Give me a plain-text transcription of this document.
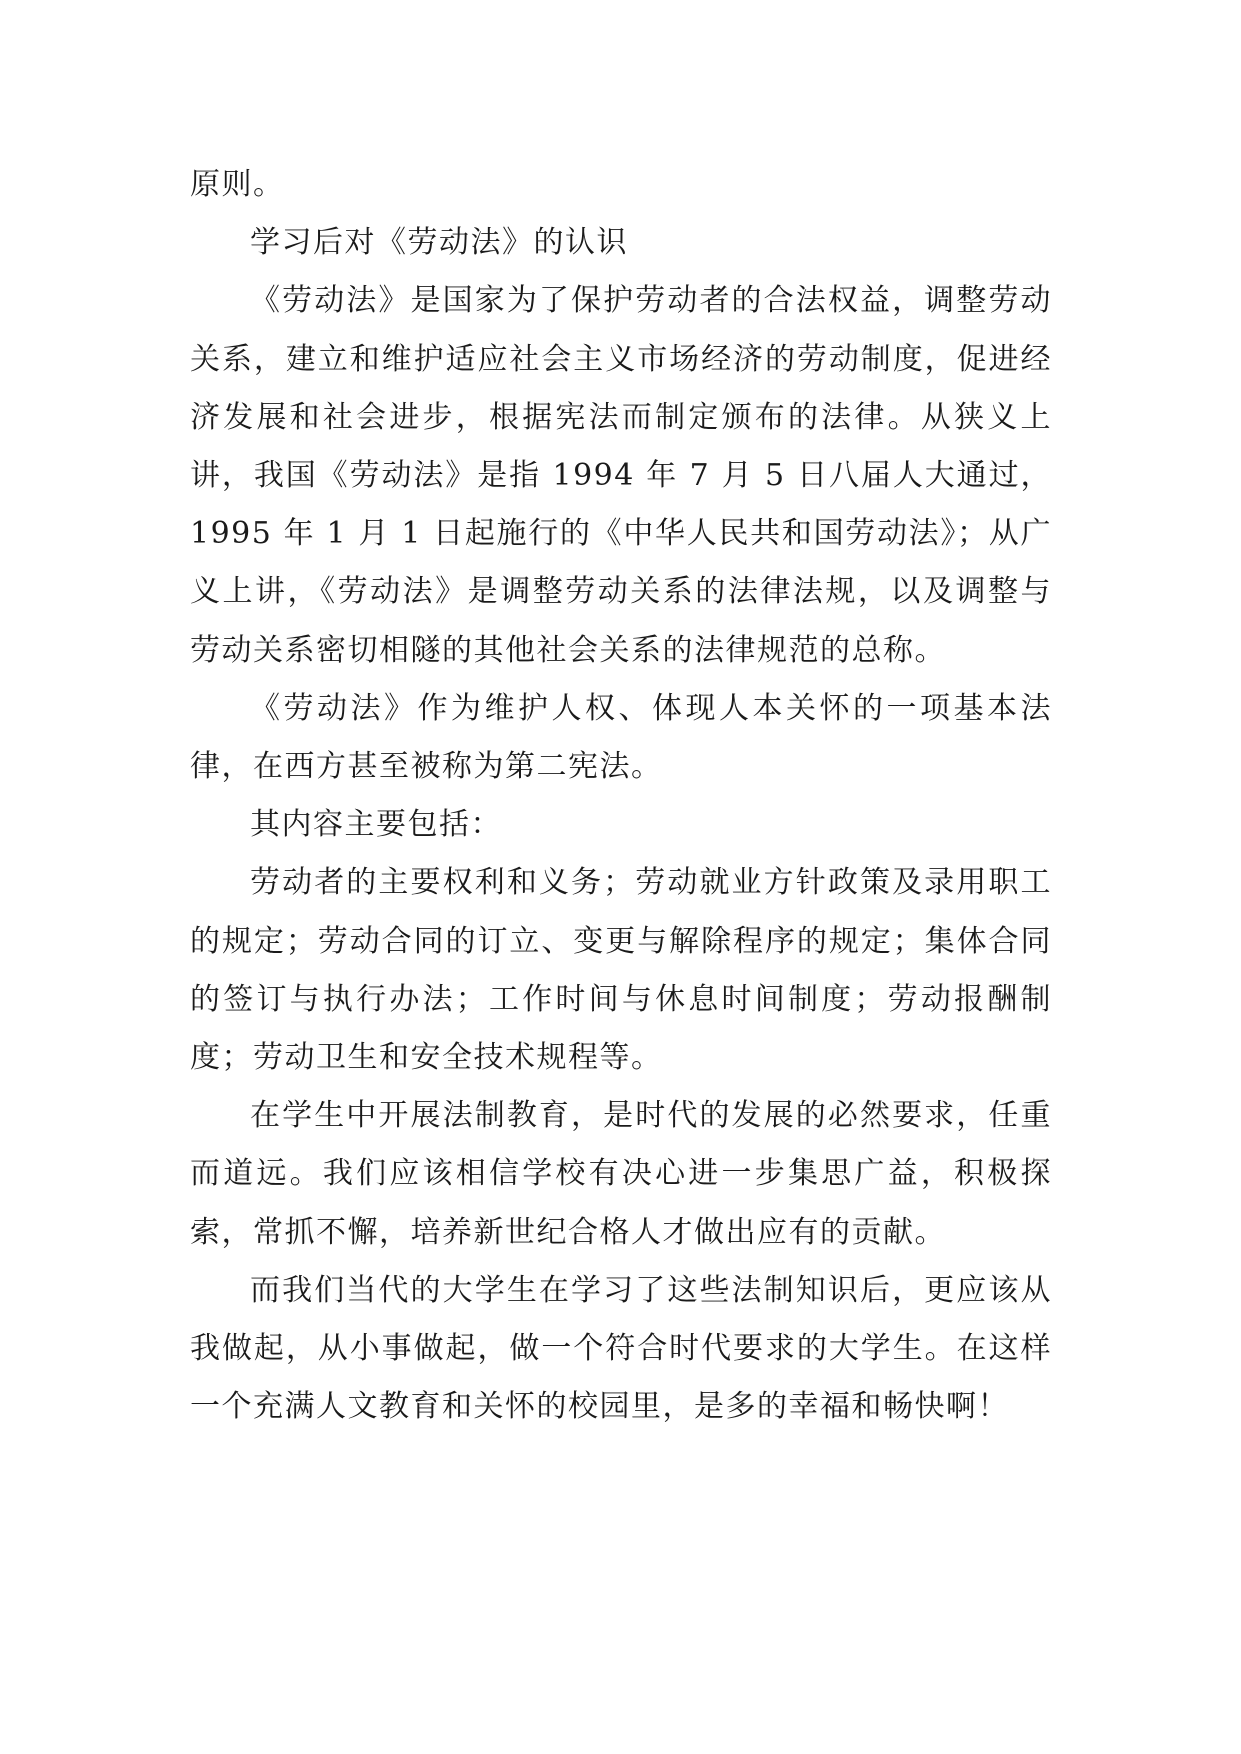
原则。

学习后对《劳动法》的认识

《劳动法》是国家为了保护劳动者的合法权益，调整劳动关系，建立和维护适应社会主义市场经济的劳动制度，促进经济发展和社会进步，根据宪法而制定颁布的法律。从狭义上讲，我国《劳动法》是指 1994 年 7 月 5 日八届人大通过，1995 年 1 月 1 日起施行的《中华人民共和国劳动法》；从广义上讲，《劳动法》是调整劳动关系的法律法规，以及调整与劳动关系密切相隧的其他社会关系的法律规范的总称。

《劳动法》作为维护人权、体现人本关怀的一项基本法律，在西方甚至被称为第二宪法。

其内容主要包括：

劳动者的主要权利和义务；劳动就业方针政策及录用职工的规定；劳动合同的订立、变更与解除程序的规定；集体合同的签订与执行办法；工作时间与休息时间制度；劳动报酬制度；劳动卫生和安全技术规程等。

在学生中开展法制教育，是时代的发展的必然要求，任重而道远。我们应该相信学校有决心进一步集思广益，积极探索，常抓不懈，培养新世纪合格人才做出应有的贡献。

而我们当代的大学生在学习了这些法制知识后，更应该从我做起，从小事做起，做一个符合时代要求的大学生。在这样一个充满人文教育和关怀的校园里，是多的幸福和畅快啊！
